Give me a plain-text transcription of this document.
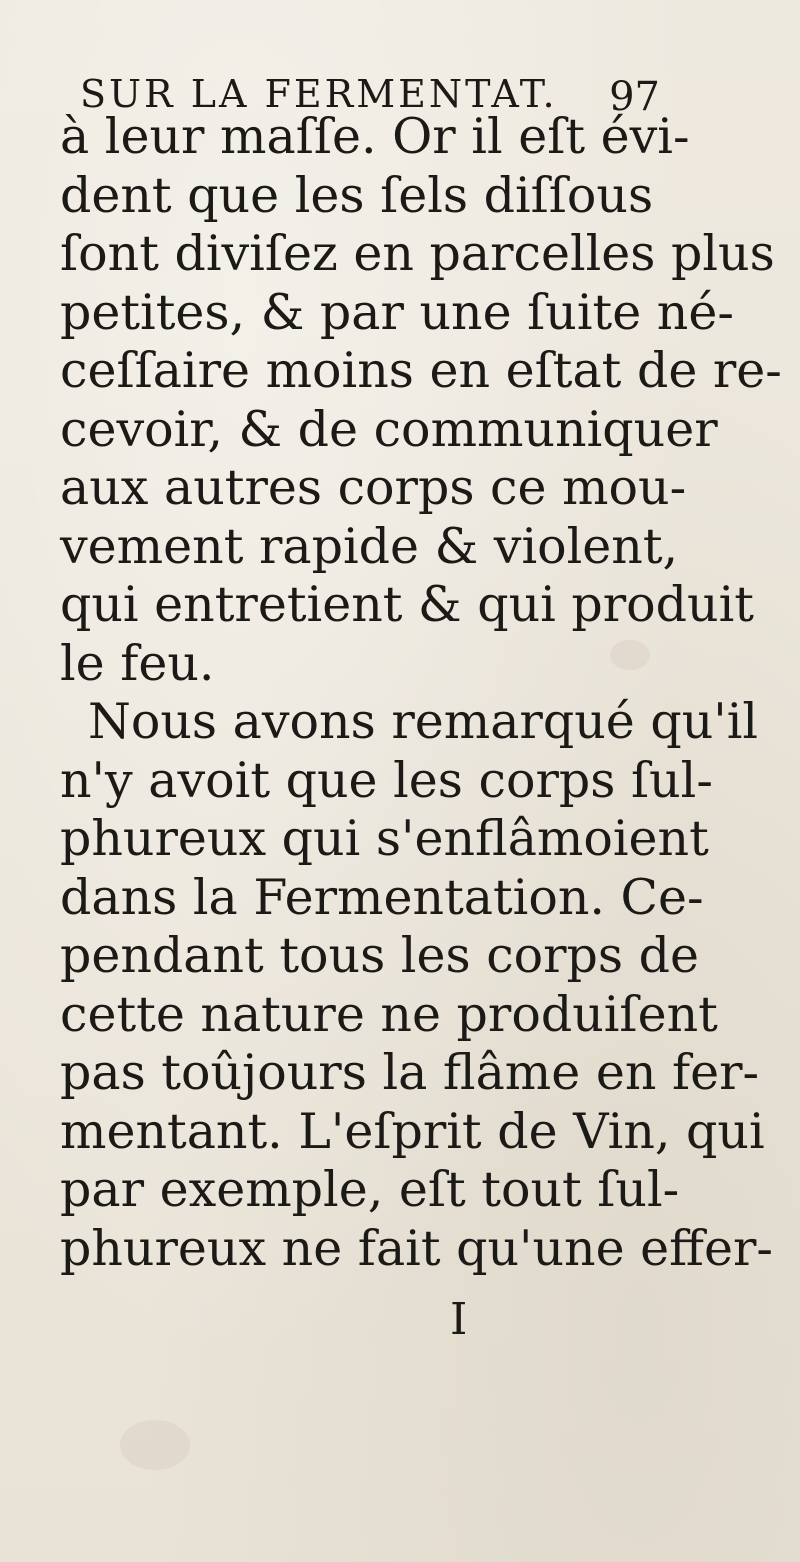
SUR LA FERMENTAT. 97
à leur maſſe. Or il eſt évi-
dent que les ſels diſſous
ſont diviſez en parcelles plus
petites, & par une ſuite né-
ceſſaire moins en eſtat de re-
cevoir, & de communiquer
aux autres corps ce mou-
vement rapide & violent,
qui entretient & qui produit
le feu.
Nous avons remarqué qu'il
n'y avoit que les corps ſul-
phureux qui s'enflâmoient
dans la Fermentation. Ce-
pendant tous les corps de
cette nature ne produiſent
pas toûjours la flâme en fer-
mentant. L'eſprit de Vin, qui
par exemple, eſt tout ſul-
phureux ne fait qu'une effer-
I
